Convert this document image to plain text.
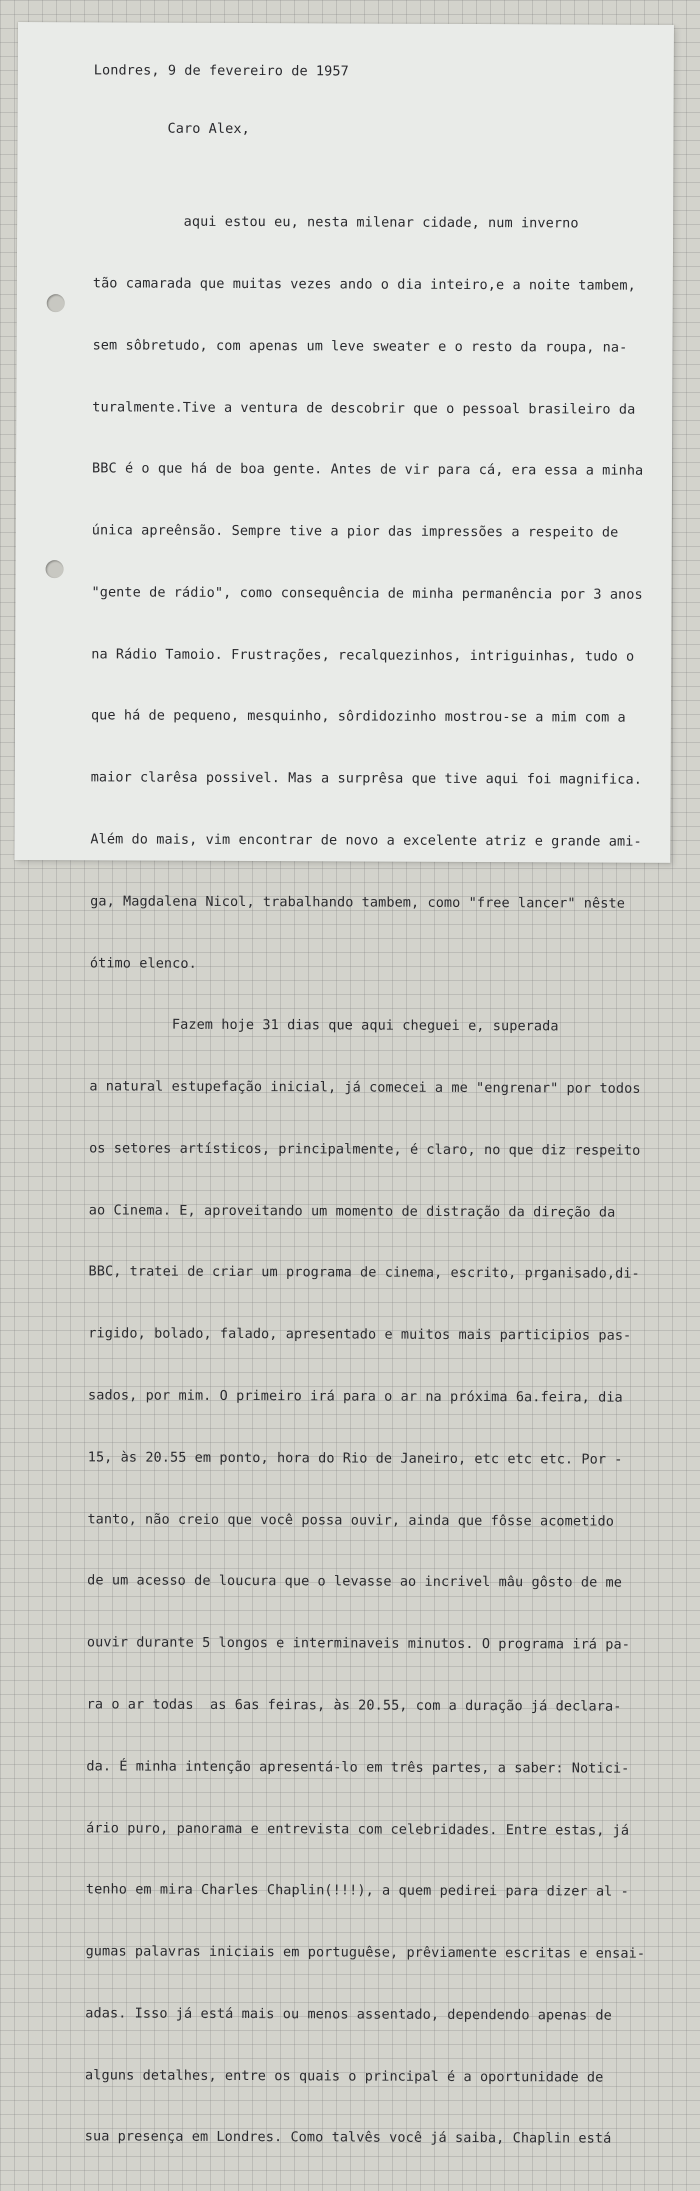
Londres, 9 de fevereiro de 1957

Caro Alex,

aqui estou eu, nesta milenar cidade, num inverno

tão camarada que muitas vezes ando o dia inteiro,e a noite tambem,

sem sôbretudo, com apenas um leve sweater e o resto da roupa, na-

turalmente.Tive a ventura de descobrir que o pessoal brasileiro da

BBC é o que há de boa gente. Antes de vir para cá, era essa a minha

única apreênsão. Sempre tive a pior das impressões a respeito de

"gente de rádio", como consequência de minha permanência por 3 anos

na Rádio Tamoio. Frustrações, recalquezinhos, intriguinhas, tudo o

que há de pequeno, mesquinho, sôrdidozinho mostrou-se a mim com a

maior clarêsa possivel. Mas a surprêsa que tive aqui foi magnifica.

Além do mais, vim encontrar de novo a excelente atriz e grande ami-

ga, Magdalena Nicol, trabalhando tambem, como "free lancer" nêste

ótimo elenco.

Fazem hoje 31 dias que aqui cheguei e, superada

a natural estupefação inicial, já comecei a me "engrenar" por todos

os setores artísticos, principalmente, é claro, no que diz respeito

ao Cinema. E, aproveitando um momento de distração da direção da

BBC, tratei de criar um programa de cinema, escrito, prganisado,di-

rigido, bolado, falado, apresentado e muitos mais participios pas-

sados, por mim. O primeiro irá para o ar na próxima 6a.feira, dia

15, às 20.55 em ponto, hora do Rio de Janeiro, etc etc etc. Por -

tanto, não creio que você possa ouvir, ainda que fôsse acometido

de um acesso de loucura que o levasse ao incrivel mâu gôsto de me

ouvir durante 5 longos e interminaveis minutos. O programa irá pa-

ra o ar todas  as 6as feiras, às 20.55, com a duração já declara-

da. É minha intenção apresentá-lo em três partes, a saber: Notici-

ário puro, panorama e entrevista com celebridades. Entre estas, já

tenho em mira Charles Chaplin(!!!), a quem pedirei para dizer al -

gumas palavras iniciais em portuguêse, prêviamente escritas e ensai-

adas. Isso já está mais ou menos assentado, dependendo apenas de

alguns detalhes, entre os quais o principal é a oportunidade de

sua presença em Londres. Como talvês você já saiba, Chaplin está
